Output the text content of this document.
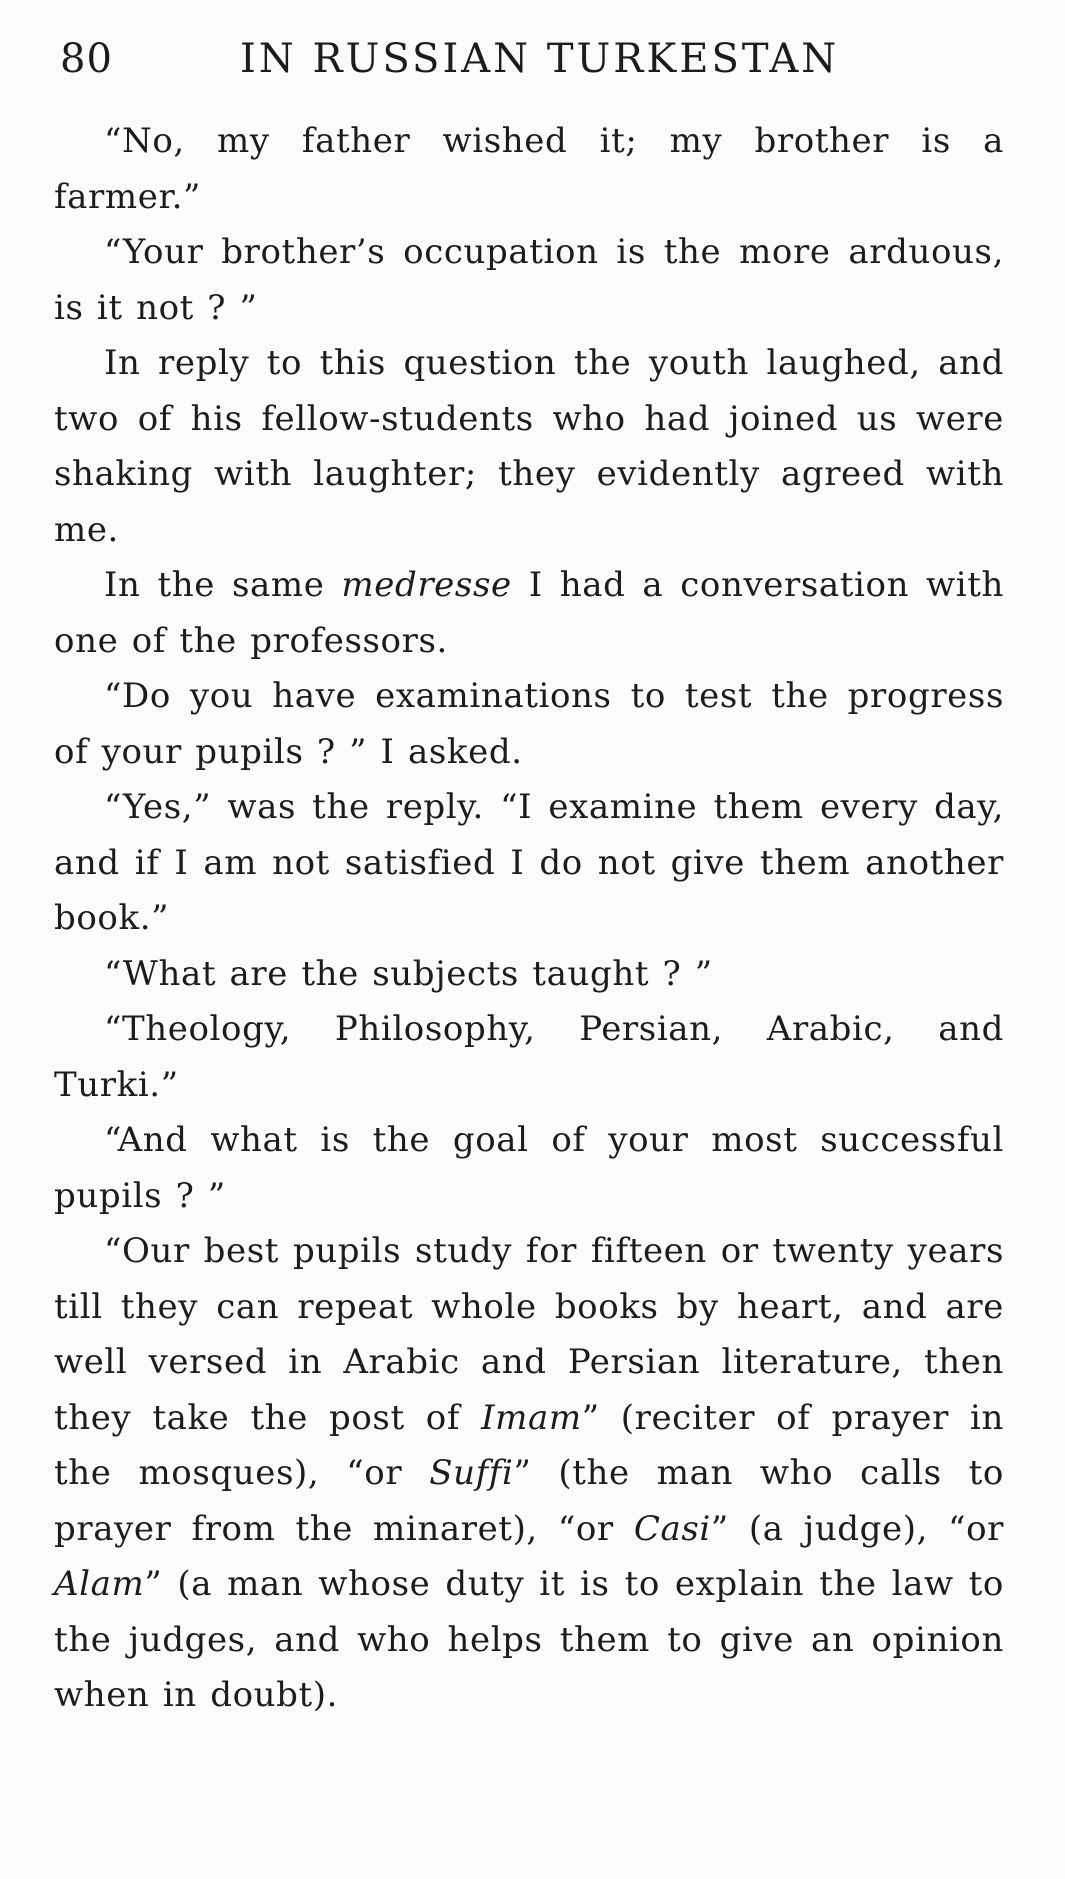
80	IN RUSSIAN TURKESTAN

“No, my father wished it; my brother is a farmer.”

“Your brother’s occupation is the more arduous, is it not ? ”

In reply to this question the youth laughed, and two of his fellow-students who had joined us were shaking with laughter; they evidently agreed with me.

In the same medresse I had a conversation with one of the professors.

“Do you have examinations to test the progress of your pupils ? ” I asked.

“Yes,” was the reply. “I examine them every day, and if I am not satisfied I do not give them another book.”

“What are the subjects taught ? ”

“Theology, Philosophy, Persian, Arabic, and Turki.”

“And what is the goal of your most successful pupils ? ”

“Our best pupils study for fifteen or twenty years till they can repeat whole books by heart, and are well versed in Arabic and Persian literature, then they take the post of Imam” (reciter of prayer in the mosques), “or Suffi” (the man who calls to prayer from the minaret), “or Casi” (a judge), “or Alam” (a man whose duty it is to explain the law to the judges, and who helps them to give an opinion when in doubt).
